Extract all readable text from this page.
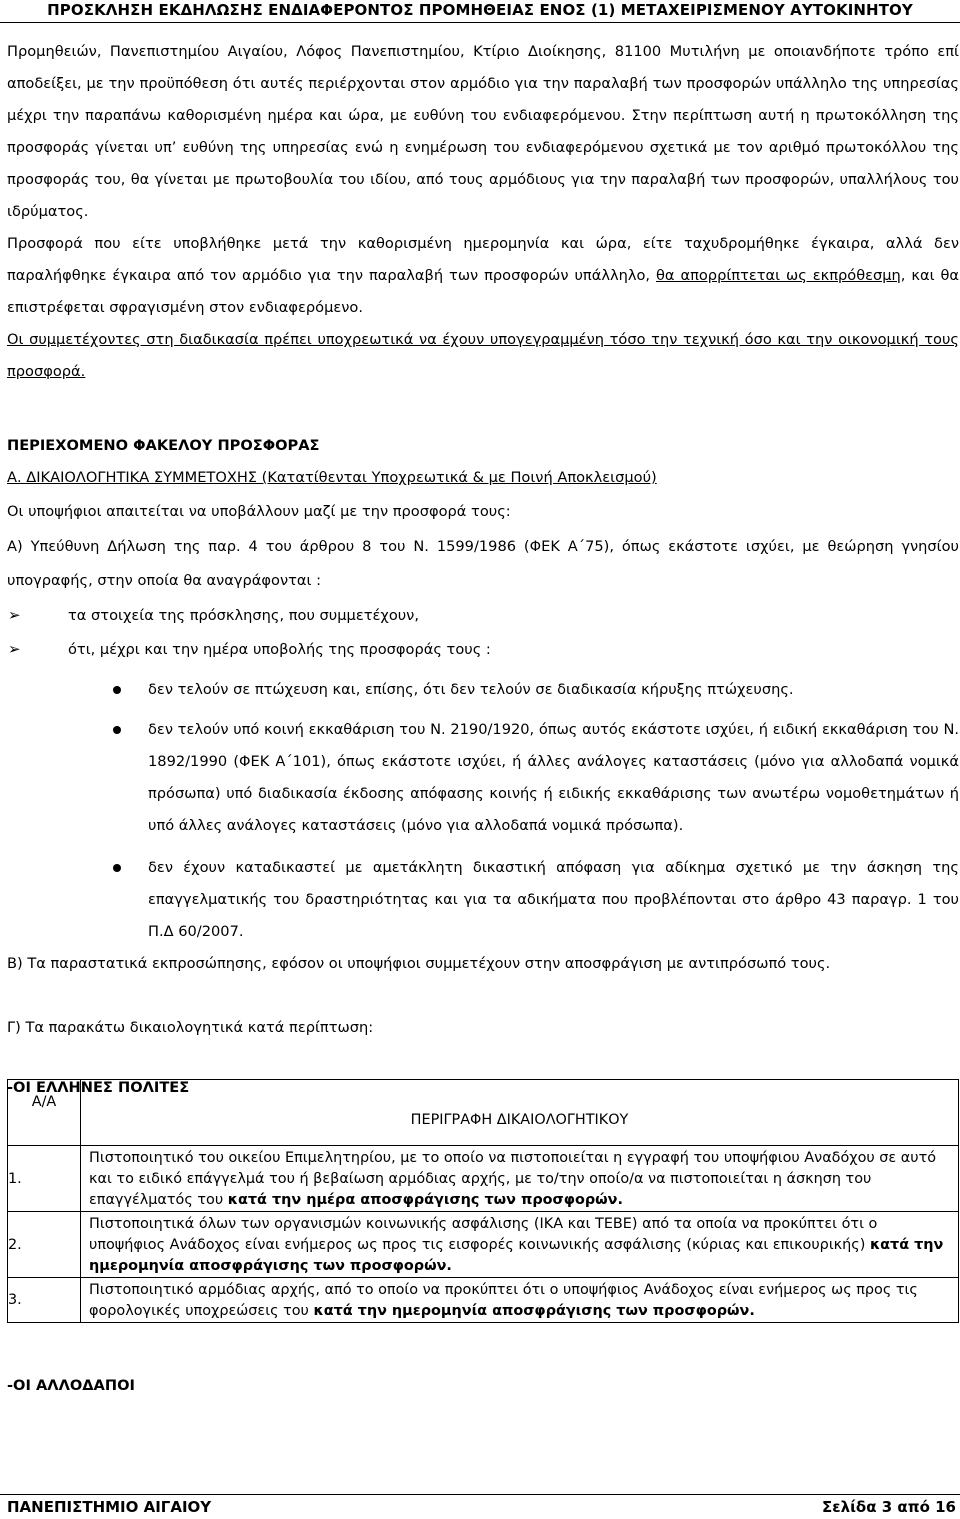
ΠΡΟΣΚΛΗΣΗ ΕΚΔΗΛΩΣΗΣ ΕΝΔΙΑΦΕΡΟΝΤΟΣ ΠΡΟΜΗΘΕΙΑΣ ΕΝΟΣ (1) ΜΕΤΑΧΕΙΡΙΣΜΕΝΟΥ ΑΥΤΟΚΙΝΗΤΟΥ

Προμηθειών, Πανεπιστημίου Αιγαίου, Λόφος Πανεπιστημίου, Κτίριο Διοίκησης, 81100 Μυτιλήνη με οποιανδήποτε τρόπο επί αποδείξει, με την προϋπόθεση ότι αυτές περιέρχονται στον αρμόδιο για την παραλαβή των προσφορών υπάλληλο της υπηρεσίας μέχρι την παραπάνω καθορισμένη ημέρα και ώρα, με ευθύνη του ενδιαφερόμενου. Στην περίπτωση αυτή η πρωτοκόλληση της προσφοράς γίνεται υπ’ ευθύνη της υπηρεσίας ενώ η ενημέρωση του ενδιαφερόμενου σχετικά με τον αριθμό πρωτοκόλλου της προσφοράς του, θα γίνεται με πρωτοβουλία του ιδίου, από τους αρμόδιους για την παραλαβή των προσφορών, υπαλλήλους του ιδρύματος.

Προσφορά που είτε υποβλήθηκε μετά την καθορισμένη ημερομηνία και ώρα, είτε ταχυδρομήθηκε έγκαιρα, αλλά δεν παραλήφθηκε έγκαιρα από τον αρμόδιο για την παραλαβή των προσφορών υπάλληλο, θα απορρίπτεται ως εκπρόθεσμη, και θα επιστρέφεται σφραγισμένη στον ενδιαφερόμενο.

Οι συμμετέχοντες στη διαδικασία πρέπει υποχρεωτικά να έχουν υπογεγραμμένη τόσο την τεχνική όσο και την οικονομική τους προσφορά.

ΠΕΡΙΕΧΟΜΕΝΟ ΦΑΚΕΛΟΥ ΠΡΟΣΦΟΡΑΣ

Α. ΔΙΚΑΙΟΛΟΓΗΤΙΚΑ ΣΥΜΜΕΤΟΧΗΣ (Κατατίθενται Υποχρεωτικά & με Ποινή Αποκλεισμού)

Οι υποψήφιοι απαιτείται να υποβάλλουν μαζί με την προσφορά τους:

Α) Υπεύθυνη Δήλωση της παρ. 4 του άρθρου 8 του Ν. 1599/1986 (ΦΕΚ Α΄75), όπως εκάστοτε ισχύει, με θεώρηση γνησίου υπογραφής, στην οποία θα αναγράφονται :

➢	τα στοιχεία της πρόσκλησης, που συμμετέχουν,
➢	ότι, μέχρι και την ημέρα υποβολής της προσφοράς τους :
δεν τελούν σε πτώχευση και, επίσης, ότι δεν τελούν σε διαδικασία κήρυξης πτώχευσης.
δεν τελούν υπό κοινή εκκαθάριση του Ν. 2190/1920, όπως αυτός εκάστοτε ισχύει, ή ειδική εκκαθάριση του Ν. 1892/1990 (ΦΕΚ Α΄101), όπως εκάστοτε ισχύει, ή άλλες ανάλογες καταστάσεις (μόνο για αλλοδαπά νομικά πρόσωπα) υπό διαδικασία έκδοσης απόφασης κοινής ή ειδικής εκκαθάρισης των ανωτέρω νομοθετημάτων ή υπό άλλες ανάλογες καταστάσεις (μόνο για αλλοδαπά νομικά πρόσωπα).
δεν έχουν καταδικαστεί με αμετάκλητη δικαστική απόφαση για αδίκημα σχετικό με την άσκηση της επαγγελματικής του δραστηριότητας και για τα αδικήματα που προβλέπονται στο άρθρο 43 παραγρ. 1 του Π.Δ 60/2007.

Β) Τα παραστατικά εκπροσώπησης, εφόσον οι υποψήφιοι συμμετέχουν στην αποσφράγιση με αντιπρόσωπό τους.

Γ) Τα παρακάτω δικαιολογητικά κατά περίπτωση:

-ΟΙ ΕΛΛΗΝΕΣ ΠΟΛΙΤΕΣ

Α/Α	ΠΕΡΙΓΡΑΦΗ ΔΙΚΑΙΟΛΟΓΗΤΙΚΟΥ
1.	Πιστοποιητικό του οικείου Επιμελητηρίου, με το οποίο να πιστοποιείται η εγγραφή του υποψήφιου Αναδόχου σε αυτό και το ειδικό επάγγελμά του ή βεβαίωση αρμόδιας αρχής, με το/την οποίο/α να πιστοποιείται η άσκηση του επαγγέλματός του κατά την ημέρα αποσφράγισης των προσφορών.
2.	Πιστοποιητικά όλων των οργανισμών κοινωνικής ασφάλισης (ΙΚΑ και ΤΕΒΕ) από τα οποία να προκύπτει ότι ο υποψήφιος Ανάδοχος είναι ενήμερος ως προς τις εισφορές κοινωνικής ασφάλισης (κύριας και επικουρικής) κατά την ημερομηνία αποσφράγισης των προσφορών.
3.	Πιστοποιητικό αρμόδιας αρχής, από το οποίο να προκύπτει ότι ο υποψήφιος Ανάδοχος είναι ενήμερος ως προς τις φορολογικές υποχρεώσεις του κατά την ημερομηνία αποσφράγισης των προσφορών.
-ΟΙ ΑΛΛΟΔΑΠΟΙ
ΠΑΝΕΠΙΣΤΗΜΙΟ ΑΙΓΑΙΟΥ	Σελίδα 3 από 16
